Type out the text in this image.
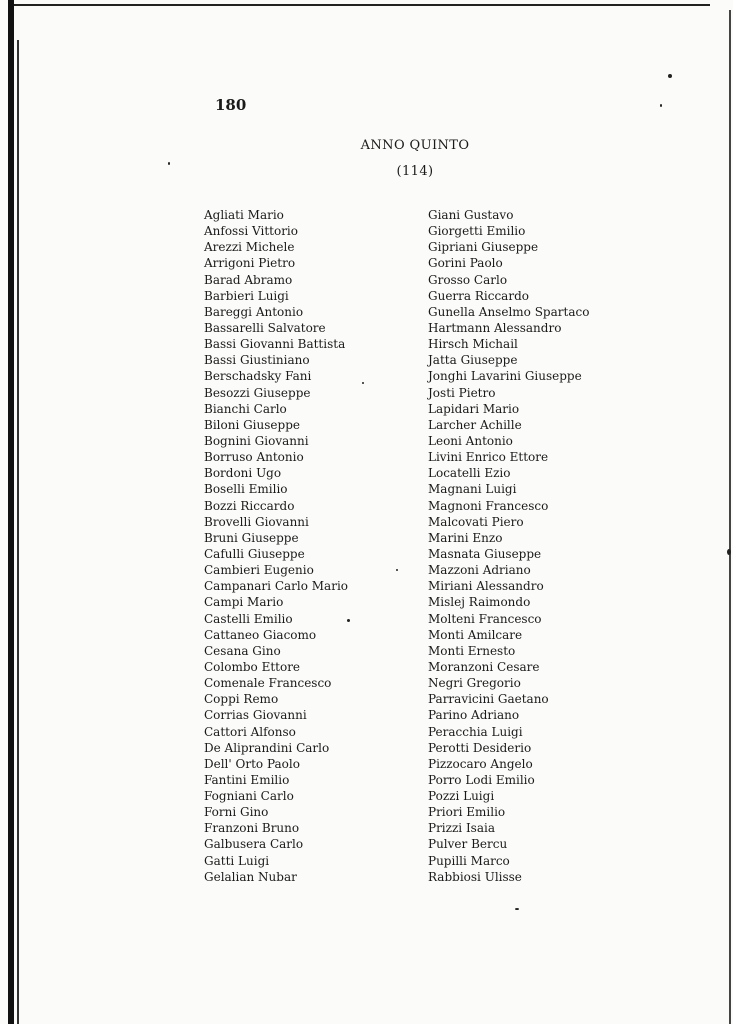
180
ANNO QUINTO
(114)
Agliati Mario
Anfossi Vittorio
Arezzi Michele
Arrigoni Pietro
Barad Abramo
Barbieri Luigi
Bareggi Antonio
Bassarelli Salvatore
Bassi Giovanni Battista
Bassi Giustiniano
Berschadsky Fani
Besozzi Giuseppe
Bianchi Carlo
Biloni Giuseppe
Bognini Giovanni
Borruso Antonio
Bordoni Ugo
Boselli Emilio
Bozzi Riccardo
Brovelli Giovanni
Bruni Giuseppe
Cafulli Giuseppe
Cambieri Eugenio
Campanari Carlo Mario
Campi Mario
Castelli Emilio
Cattaneo Giacomo
Cesana Gino
Colombo Ettore
Comenale Francesco
Coppi Remo
Corrias Giovanni
Cattori Alfonso
De Aliprandini Carlo
Dell' Orto Paolo
Fantini Emilio
Fogniani Carlo
Forni Gino
Franzoni Bruno
Galbusera Carlo
Gatti Luigi
Gelalian Nubar
Giani Gustavo
Giorgetti Emilio
Gipriani Giuseppe
Gorini Paolo
Grosso Carlo
Guerra Riccardo
Gunella Anselmo Spartaco
Hartmann Alessandro
Hirsch Michail
Jatta Giuseppe
Jonghi Lavarini Giuseppe
Josti Pietro
Lapidari Mario
Larcher Achille
Leoni Antonio
Livini Enrico Ettore
Locatelli Ezio
Magnani Luigi
Magnoni Francesco
Malcovati Piero
Marini Enzo
Masnata Giuseppe
Mazzoni Adriano
Miriani Alessandro
Mislej Raimondo
Molteni Francesco
Monti Amilcare
Monti Ernesto
Moranzoni Cesare
Negri Gregorio
Parravicini Gaetano
Parino Adriano
Peracchia Luigi
Perotti Desiderio
Pizzocaro Angelo
Porro Lodi Emilio
Pozzi Luigi
Priori Emilio
Prizzi Isaia
Pulver Bercu
Pupilli Marco
Rabbiosi Ulisse
